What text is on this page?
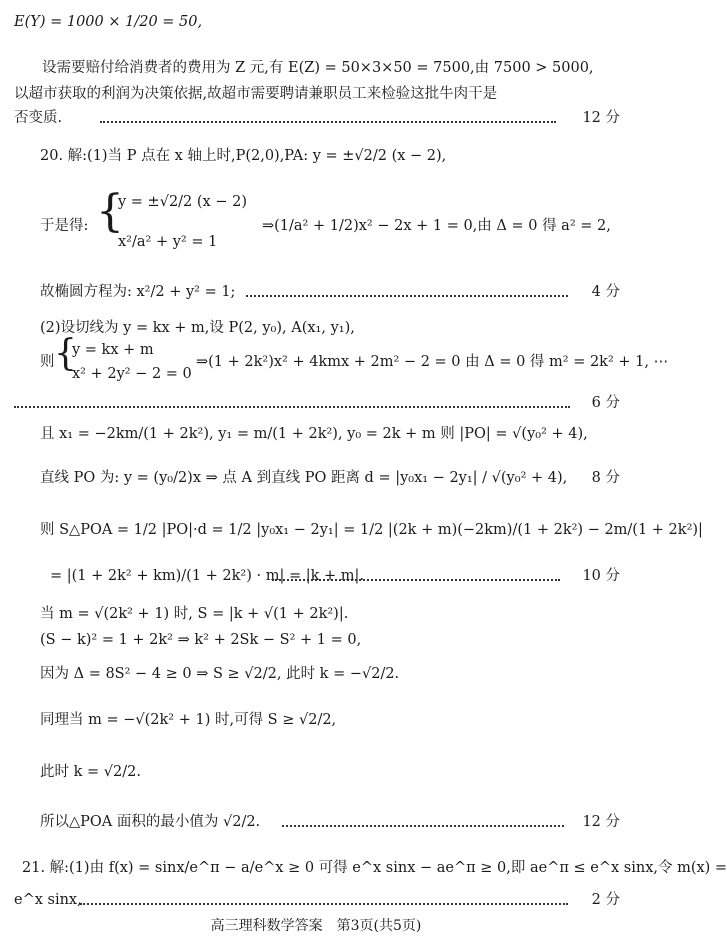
E(Y) = 1000 × 1/20 = 50,
设需要赔付给消费者的费用为 Z 元,有 E(Z) = 50×3×50 = 7500,由 7500 > 5000,
以超市获取的利润为决策依据,故超市需要聘请兼职员工来检验这批牛肉干是
否变质.	12 分
20. 解:(1)当 P 点在 x 轴上时,P(2,0),PA: y = ±√2/2 (x − 2),
于是得: {
y = ±√2/2 (x − 2)
x²/a² + y² = 1
⇒(1/a² + 1/2)x² − 2x + 1 = 0,由 Δ = 0 得 a² = 2,
故椭圆方程为: x²/2 + y² = 1;	4 分
(2)设切线为 y = kx + m,设 P(2, y₀), A(x₁, y₁),
则 {
y = kx + m
x² + 2y² − 2 = 0
⇒(1 + 2k²)x² + 4kmx + 2m² − 2 = 0 由 Δ = 0 得 m² = 2k² + 1, ⋯
6 分
且 x₁ = −2km/(1 + 2k²), y₁ = m/(1 + 2k²), y₀ = 2k + m 则 |PO| = √(y₀² + 4),
直线 PO 为: y = (y₀/2)x ⇒ 点 A 到直线 PO 距离 d = |y₀x₁ − 2y₁| / √(y₀² + 4), 8 分
则 S△POA = 1/2 |PO|·d = 1/2 |y₀x₁ − 2y₁| = 1/2 |(2k + m)(−2km)/(1 + 2k²) − 2m/(1 + 2k²)|
= |(1 + 2k² + km)/(1 + 2k²) · m| = |k + m|.	10 分
当 m = √(2k² + 1) 时, S = |k + √(1 + 2k²)|.
(S − k)² = 1 + 2k² ⇒ k² + 2Sk − S² + 1 = 0,
因为 Δ = 8S² − 4 ≥ 0 ⇒ S ≥ √2/2, 此时 k = −√2/2.
同理当 m = −√(2k² + 1) 时,可得 S ≥ √2/2,
此时 k = √2/2.
所以△POA 面积的最小值为 √2/2.	12 分
21. 解:(1)由 f(x) = sinx/e^π − a/e^x ≥ 0 可得 e^x sinx − ae^π ≥ 0,即 ae^π ≤ e^x sinx,令 m(x) =
e^x sinx,	2 分
高三理科数学答案　第3页(共5页)
